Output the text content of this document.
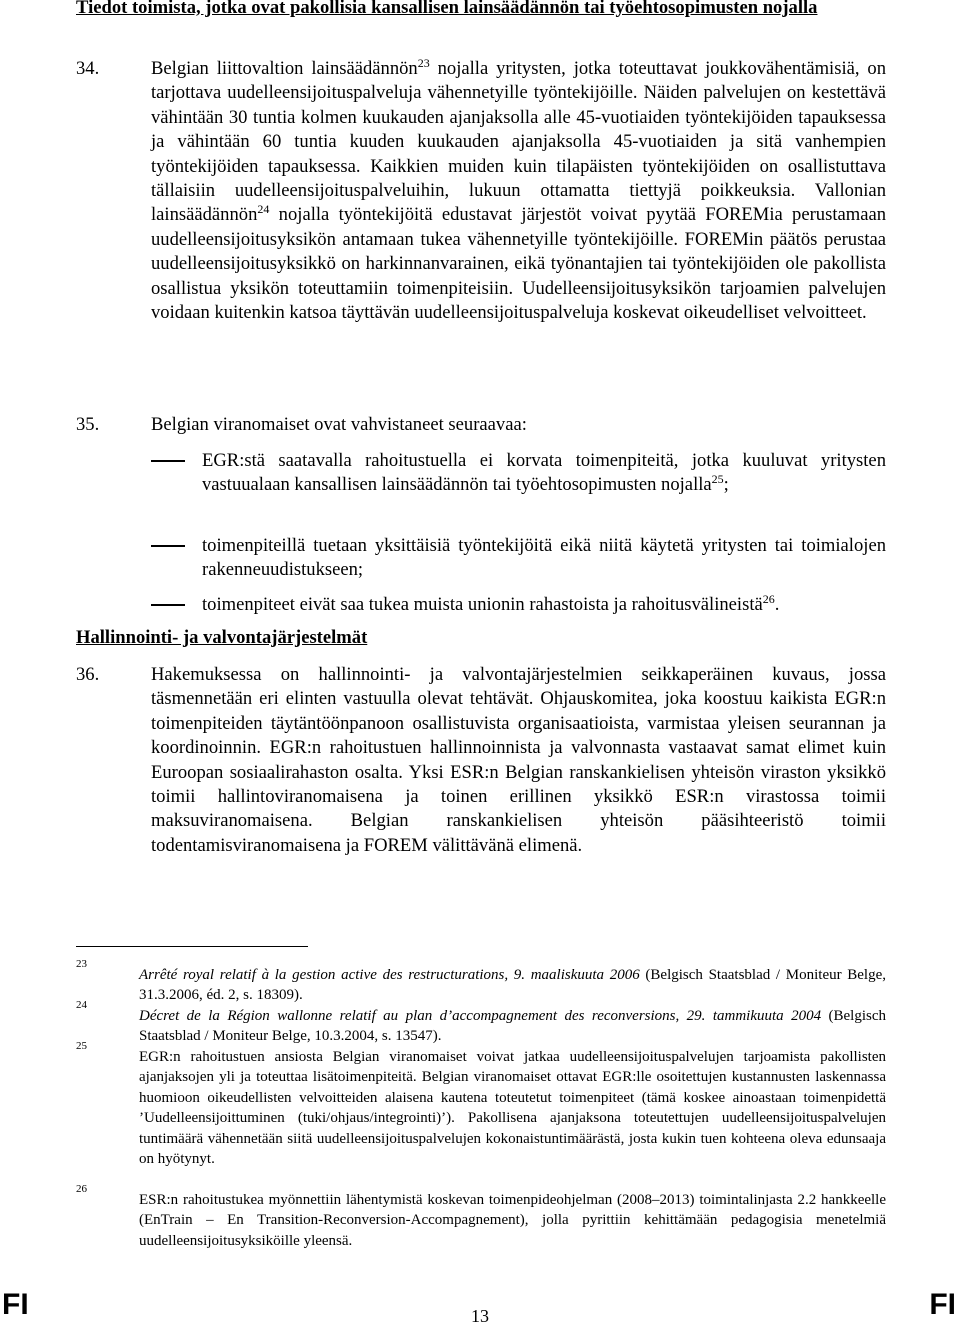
Tiedot toimista, jotka ovat pakollisia kansallisen lainsäädännön tai työehtosopimusten nojalla
34.	Belgian liittovaltion lainsäädännön$^{23}$ nojalla yritysten, jotka toteuttavat joukkovähentämisiä, on tarjottava uudelleensijoituspalveluja vähennetyille työntekijöille. Näiden palvelujen on kestettävä vähintään 30 tuntia kolmen kuukauden ajanjaksolla alle 45-vuotiaiden työntekijöiden tapauksessa ja vähintään 60 tuntia kuuden kuukauden ajanjaksolla 45-vuotiaiden ja sitä vanhempien työntekijöiden tapauksessa. Kaikkien muiden kuin tilapäisten työntekijöiden on osallistuttava tällaisiin uudelleensijoituspalveluihin, lukuun ottamatta tiettyjä poikkeuksia. Vallonian lainsäädännön$^{24}$ nojalla työntekijöitä edustavat järjestöt voivat pyytää FOREMia perustamaan uudelleensijoitusyksikön antamaan tukea vähennetyille työntekijöille. FOREMin päätös perustaa uudelleensijoitusyksikkö on harkinnanvarainen, eikä työnantajien tai työntekijöiden ole pakollista osallistua yksikön toteuttamiin toimenpiteisiin. Uudelleensijoitusyksikön tarjoamien palvelujen voidaan kuitenkin katsoa täyttävän uudelleensijoituspalveluja koskevat oikeudelliset velvoitteet.
35.	Belgian viranomaiset ovat vahvistaneet seuraavaa:
EGR:stä saatavalla rahoitustuella ei korvata toimenpiteitä, jotka kuuluvat yritysten vastuualaan kansallisen lainsäädännön tai työehtosopimusten nojalla$^{25}$;
toimenpiteillä tuetaan yksittäisiä työntekijöitä eikä niitä käytetä yritysten tai toimialojen rakenneuudistukseen;
toimenpiteet eivät saa tukea muista unionin rahastoista ja rahoitusvälineistä$^{26}$.
Hallinnointi- ja valvontajärjestelmät
36.	Hakemuksessa on hallinnointi- ja valvontajärjestelmien seikkaperäinen kuvaus, jossa täsmennetään eri elinten vastuulla olevat tehtävät. Ohjauskomitea, joka koostuu kaikista EGR:n toimenpiteiden täytäntöönpanoon osallistuvista organisaatioista, varmistaa yleisen seurannan ja koordinoinnin. EGR:n rahoitustuen hallinnoinnista ja valvonnasta vastaavat samat elimet kuin Euroopan sosiaalirahaston osalta. Yksi ESR:n Belgian ranskankielisen yhteisön viraston yksikkö toimii hallintoviranomaisena ja toinen erillinen yksikkö ESR:n virastossa toimii maksuviranomaisena. Belgian ranskankielisen yhteisön pääsihteeristö toimii todentamisviranomaisena ja FOREM välittävänä elimenä.
23
Arrêté royal relatif à la gestion active des restructurations, 9. maaliskuuta 2006 (Belgisch Staatsblad / Moniteur Belge, 31.3.2006, éd. 2, s. 18309).
24
Décret de la Région wallonne relatif au plan d’accompagnement des reconversions, 29. tammikuuta 2004 (Belgisch Staatsblad / Moniteur Belge, 10.3.2004, s. 13547).
25
EGR:n rahoitustuen ansiosta Belgian viranomaiset voivat jatkaa uudelleensijoituspalvelujen tarjoamista pakollisten ajanjaksojen yli ja toteuttaa lisätoimenpiteitä. Belgian viranomaiset ottavat EGR:lle osoitettujen kustannusten laskennassa huomioon oikeudellisten velvoitteiden alaisena kautena toteutetut toimenpiteet (tämä koskee ainoastaan toimenpidettä ’Uudelleensijoittuminen (tuki/ohjaus/integrointi)’). Pakollisena ajanjaksona toteutettujen uudelleensijoituspalvelujen tuntimäärä vähennetään siitä uudelleensijoituspalvelujen kokonaistuntimäärästä, josta kukin tuen kohteena oleva edunsaaja on hyötynyt.
26
ESR:n rahoitustukea myönnettiin lähentymistä koskevan toimenpideohjelman (2008–2013) toimintalinjasta 2.2 hankkeelle (EnTrain – En Transition-Reconversion-Accompagnement), jolla pyrittiin kehittämään pedagogisia menetelmiä uudelleensijoitusyksiköille yleensä.
FI	13	FI
